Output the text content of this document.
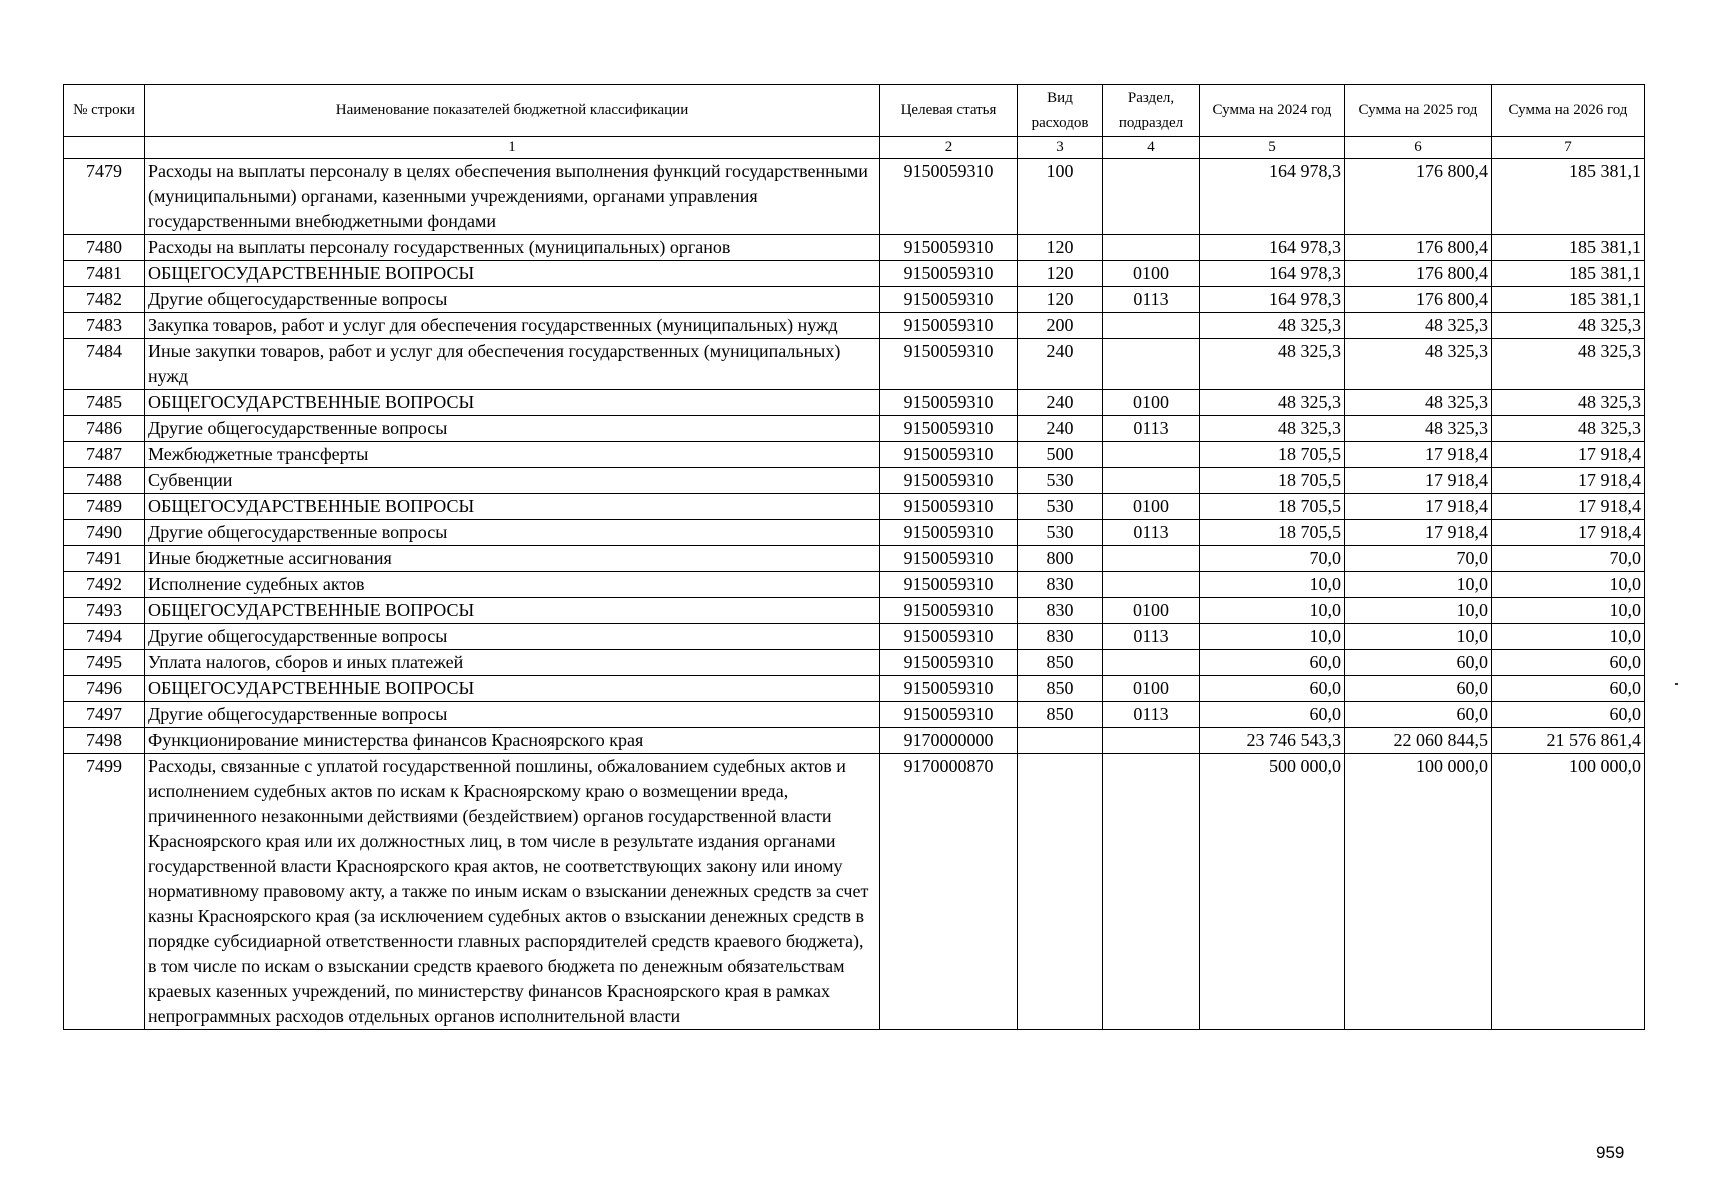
№ строки	Наименование показателей бюджетной классификации	Целевая статья	Вид расходов	Раздел, подраздел	Сумма на 2024 год	Сумма на 2025 год	Сумма на 2026 год
	1	2	3	4	5	6	7
7479	Расходы на выплаты персоналу в целях обеспечения выполнения функций государственными (муниципальными) органами, казенными учреждениями, органами управления государственными внебюджетными фондами	9150059310	100		164 978,3	176 800,4	185 381,1
7480	Расходы на выплаты персоналу государственных (муниципальных) органов	9150059310	120		164 978,3	176 800,4	185 381,1
7481	ОБЩЕГОСУДАРСТВЕННЫЕ ВОПРОСЫ	9150059310	120	0100	164 978,3	176 800,4	185 381,1
7482	Другие общегосударственные вопросы	9150059310	120	0113	164 978,3	176 800,4	185 381,1
7483	Закупка товаров, работ и услуг для обеспечения государственных (муниципальных) нужд	9150059310	200		48 325,3	48 325,3	48 325,3
7484	Иные закупки товаров, работ и услуг для обеспечения государственных (муниципальных) нужд	9150059310	240		48 325,3	48 325,3	48 325,3
7485	ОБЩЕГОСУДАРСТВЕННЫЕ ВОПРОСЫ	9150059310	240	0100	48 325,3	48 325,3	48 325,3
7486	Другие общегосударственные вопросы	9150059310	240	0113	48 325,3	48 325,3	48 325,3
7487	Межбюджетные трансферты	9150059310	500		18 705,5	17 918,4	17 918,4
7488	Субвенции	9150059310	530		18 705,5	17 918,4	17 918,4
7489	ОБЩЕГОСУДАРСТВЕННЫЕ ВОПРОСЫ	9150059310	530	0100	18 705,5	17 918,4	17 918,4
7490	Другие общегосударственные вопросы	9150059310	530	0113	18 705,5	17 918,4	17 918,4
7491	Иные бюджетные ассигнования	9150059310	800		70,0	70,0	70,0
7492	Исполнение судебных актов	9150059310	830		10,0	10,0	10,0
7493	ОБЩЕГОСУДАРСТВЕННЫЕ ВОПРОСЫ	9150059310	830	0100	10,0	10,0	10,0
7494	Другие общегосударственные вопросы	9150059310	830	0113	10,0	10,0	10,0
7495	Уплата налогов, сборов и иных платежей	9150059310	850		60,0	60,0	60,0
7496	ОБЩЕГОСУДАРСТВЕННЫЕ ВОПРОСЫ	9150059310	850	0100	60,0	60,0	60,0
7497	Другие общегосударственные вопросы	9150059310	850	0113	60,0	60,0	60,0
7498	Функционирование министерства финансов Красноярского края	9170000000			23 746 543,3	22 060 844,5	21 576 861,4
7499	Расходы, связанные с уплатой государственной пошлины, обжалованием судебных актов и исполнением судебных актов по искам к Красноярскому краю о возмещении вреда, причиненного незаконными действиями (бездействием) органов государственной власти Красноярского края или их должностных лиц, в том числе в результате издания органами государственной власти Красноярского края актов, не соответствующих закону или иному нормативному правовому акту, а также по иным искам о взыскании денежных средств за счет казны Красноярского края (за исключением судебных актов о взыскании денежных средств в порядке субсидиарной ответственности главных распорядителей средств краевого бюджета), в том числе по искам о взыскании средств краевого бюджета по денежным обязательствам краевых казенных учреждений, по министерству финансов Красноярского края в рамках непрограммных расходов отдельных органов исполнительной власти	9170000870			500 000,0	100 000,0	100 000,0
959
